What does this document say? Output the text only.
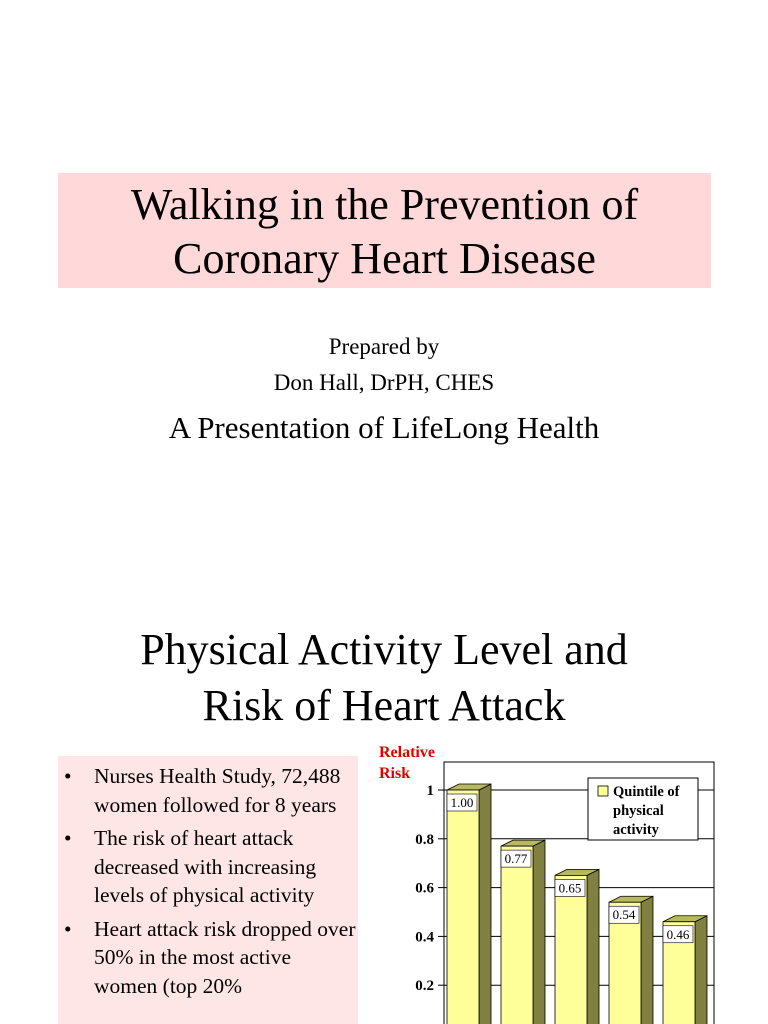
Walking in the Prevention of
Coronary Heart Disease
Prepared by
Don Hall, DrPH, CHES
A Presentation of LifeLong Health
Physical Activity Level and
Risk of Heart Attack
• Nurses Health Study, 72,488 women followed for 8 years
• The risk of heart attack decreased with increasing levels of physical activity
• Heart attack risk dropped over 50% in the most active women (top 20%
Relative
Risk
1
0.8
0.6
0.4
0.2
1.00
0.77
0.65
0.54
0.46
Quintile of
physical
activity
